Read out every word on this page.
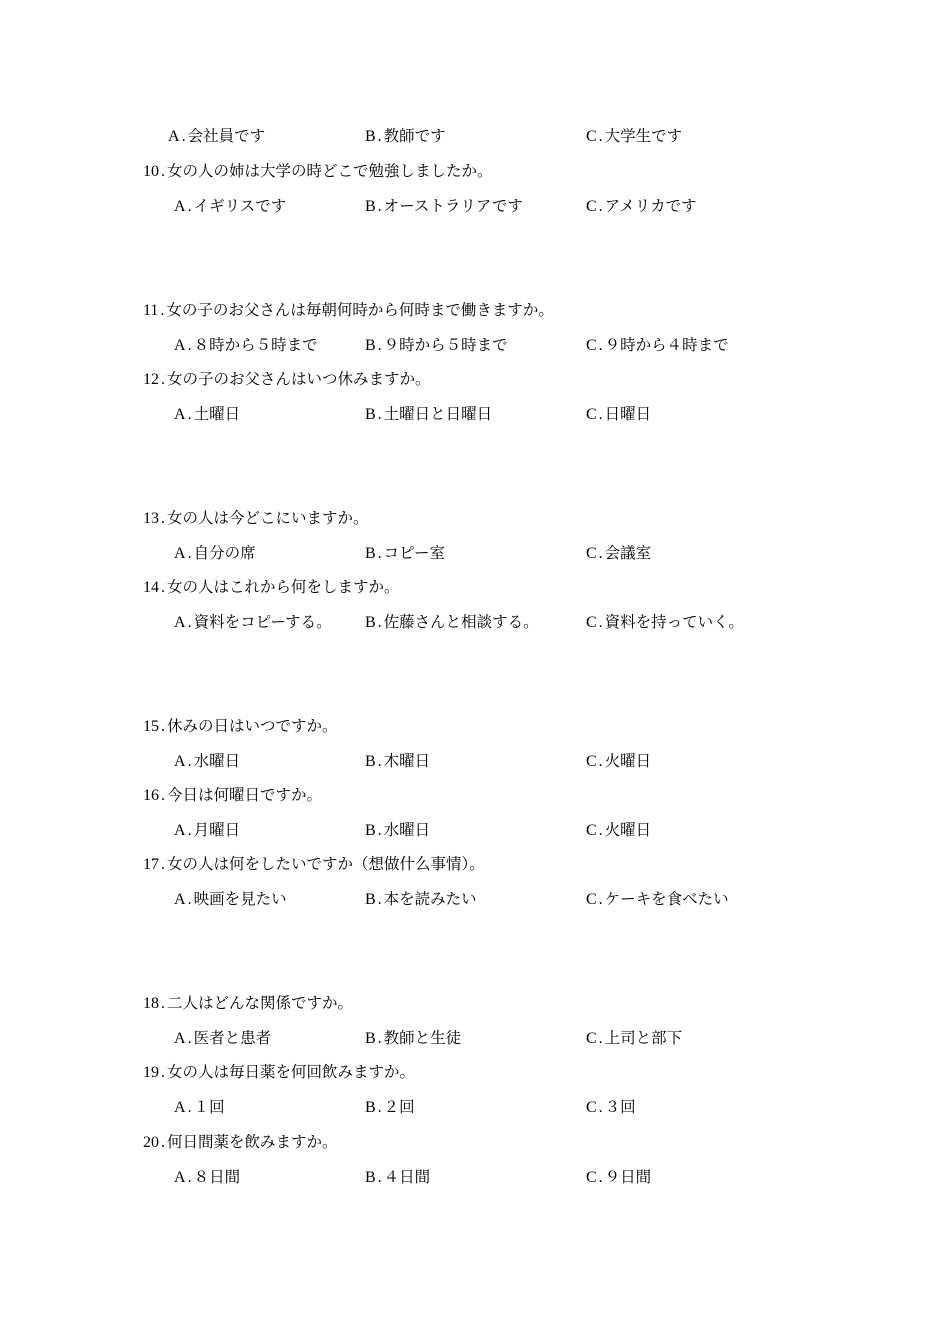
A . 会社員です	B . 教師です	C . 大学生です
10 . 女の人の姉は大学の時どこで勉強しましたか。
A . イギリスです	B . オーストラリアです	C . アメリカです
11 . 女の子のお父さんは毎朝何時から何時まで働きますか。
A . ８時から５時まで	B . ９時から５時まで	C . ９時から４時まで
12 . 女の子のお父さんはいつ休みますか。
A . 土曜日	B . 土曜日と日曜日	C . 日曜日
13 . 女の人は今どこにいますか。
A . 自分の席	B . コピー室	C . 会議室
14 . 女の人はこれから何をしますか。
A . 資料をコピーする。 B . 佐藤さんと相談する。	C . 資料を持っていく。
15 . 休みの日はいつですか。
A . 水曜日	B . 木曜日	C . 火曜日
16 . 今日は何曜日ですか。
A . 月曜日	B . 水曜日	C . 火曜日
17 . 女の人は何をしたいですか（想做什么事情）。
A . 映画を見たい	B . 本を読みたい	C . ケーキを食べたい
18 . 二人はどんな関係ですか。
A . 医者と患者	B . 教師と生徒	C . 上司と部下
19 . 女の人は毎日薬を何回飲みますか。
A . １回	B . ２回	C . ３回
20 . 何日間薬を飲みますか。
A . ８日間	B . ４日間	C . ９日間
